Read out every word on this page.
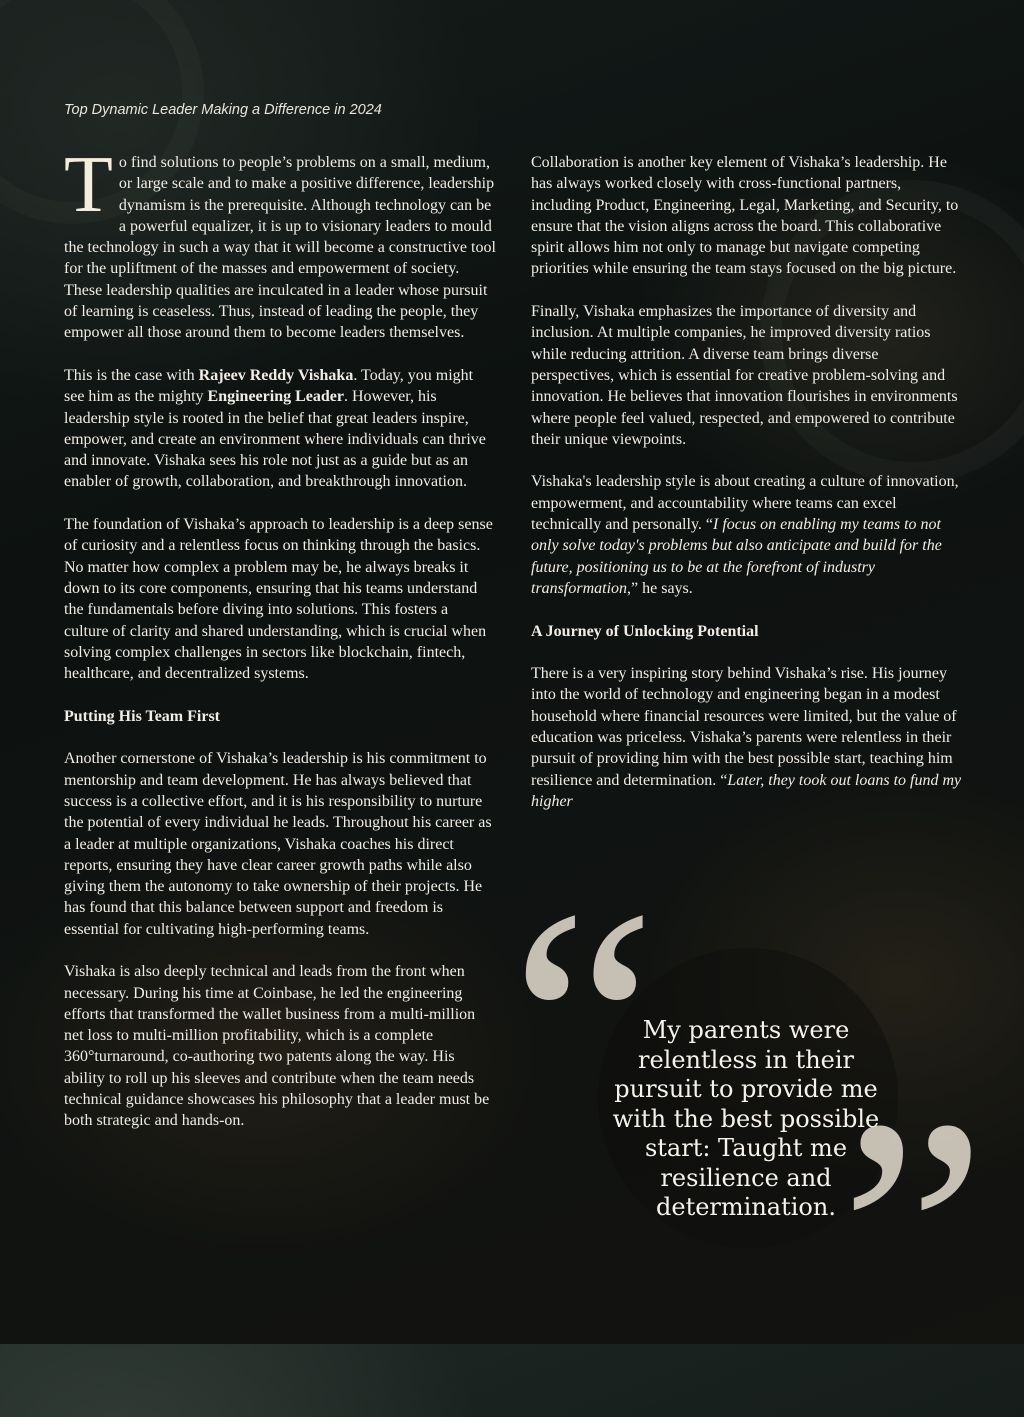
Top Dynamic Leader Making a Difference in 2024

To find solutions to people’s problems on a small, medium, or large scale and to make a positive difference, leadership dynamism is the prerequisite. Although technology can be a powerful equalizer, it is up to visionary leaders to mould the technology in such a way that it will become a constructive tool for the upliftment of the masses and empowerment of society. These leadership qualities are inculcated in a leader whose pursuit of learning is ceaseless. Thus, instead of leading the people, they empower all those around them to become leaders themselves.

This is the case with Rajeev Reddy Vishaka. Today, you might see him as the mighty Engineering Leader. However, his leadership style is rooted in the belief that great leaders inspire, empower, and create an environment where individuals can thrive and innovate. Vishaka sees his role not just as a guide but as an enabler of growth, collaboration, and breakthrough innovation.

The foundation of Vishaka’s approach to leadership is a deep sense of curiosity and a relentless focus on thinking through the basics. No matter how complex a problem may be, he always breaks it down to its core components, ensuring that his teams understand the fundamentals before diving into solutions. This fosters a culture of clarity and shared understanding, which is crucial when solving complex challenges in sectors like blockchain, fintech, healthcare, and decentralized systems.

Putting His Team First

Another cornerstone of Vishaka’s leadership is his commitment to mentorship and team development. He has always believed that success is a collective effort, and it is his responsibility to nurture the potential of every individual he leads. Throughout his career as a leader at multiple organizations, Vishaka coaches his direct reports, ensuring they have clear career growth paths while also giving them the autonomy to take ownership of their projects. He has found that this balance between support and freedom is essential for cultivating high-performing teams.

Vishaka is also deeply technical and leads from the front when necessary. During his time at Coinbase, he led the engineering efforts that transformed the wallet business from a multi-million net loss to multi-million profitability, which is a complete 360°turnaround, co-authoring two patents along the way. His ability to roll up his sleeves and contribute when the team needs technical guidance showcases his philosophy that a leader must be both strategic and hands-on.

Collaboration is another key element of Vishaka’s leadership. He has always worked closely with cross-functional partners, including Product, Engineering, Legal, Marketing, and Security, to ensure that the vision aligns across the board. This collaborative spirit allows him not only to manage but navigate competing priorities while ensuring the team stays focused on the big picture.

Finally, Vishaka emphasizes the importance of diversity and inclusion. At multiple companies, he improved diversity ratios while reducing attrition. A diverse team brings diverse perspectives, which is essential for creative problem-solving and innovation. He believes that innovation flourishes in environments where people feel valued, respected, and empowered to contribute their unique viewpoints.

Vishaka's leadership style is about creating a culture of innovation, empowerment, and accountability where teams can excel technically and personally. “I focus on enabling my teams to not only solve today's problems but also anticipate and build for the future, positioning us to be at the forefront of industry transformation,” he says.

A Journey of Unlocking Potential

There is a very inspiring story behind Vishaka’s rise. His journey into the world of technology and engineering began in a modest household where financial resources were limited, but the value of education was priceless. Vishaka’s parents were relentless in their pursuit of providing him with the best possible start, teaching him resilience and determination. “Later, they took out loans to fund my higher

“
”

My parents were relentless in their pursuit to provide me with the best possible start: Taught me resilience and determination.
